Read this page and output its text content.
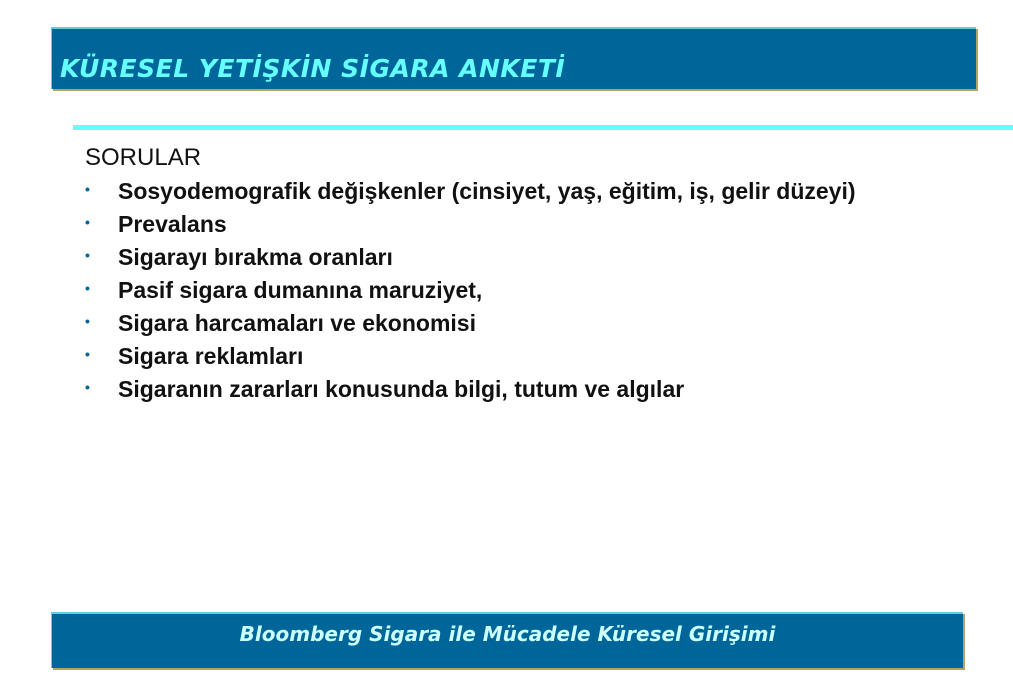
KÜRESEL YETİŞKİN SİGARA ANKETİ
SORULAR
• Sosyodemografik değişkenler (cinsiyet, yaş, eğitim, iş, gelir düzeyi)
• Prevalans
• Sigarayı bırakma oranları
• Pasif sigara dumanına maruziyet,
• Sigara harcamaları ve ekonomisi
• Sigara reklamları
• Sigaranın zararları konusunda bilgi, tutum ve algılar
Bloomberg Sigara ile Mücadele Küresel Girişimi
